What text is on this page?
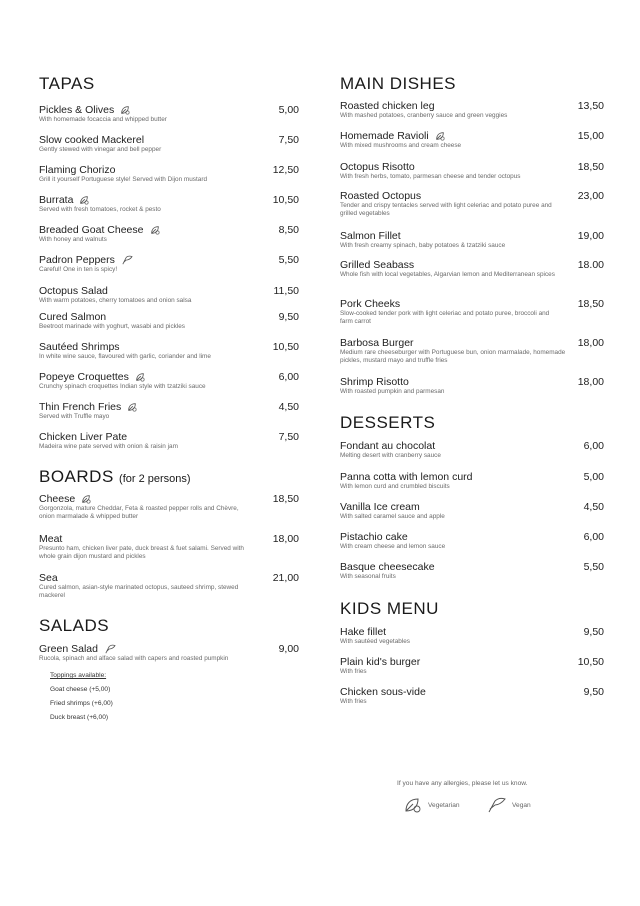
TAPAS
Pickles & Olives
With homemade focaccia and whipped butter
5,00
Slow cooked Mackerel
Gently stewed with vinegar and bell pepper
7,50
Flaming Chorizo
Grill it yourself Portuguese style! Served with Dijon mustard
12,50
Burrata
Served with fresh tomatoes, rocket & pesto
10,50
Breaded Goat Cheese
With honey and walnuts
8,50
Padron Peppers
Careful! One in ten is spicy!
5,50
Octopus Salad
With warm potatoes, cherry tomatoes and onion salsa
11,50
Cured Salmon
Beetroot marinade with yoghurt, wasabi and pickles
9,50
Sautéed Shrimps
In white wine sauce, flavoured with garlic, coriander and lime
10,50
Popeye Croquettes
Crunchy spinach croquettes Indian style with tzatziki sauce
6,00
Thin French Fries
Served with Truffle mayo
4,50
Chicken Liver Pate
Madeira wine pate served with onion & raisin jam
7,50
BOARDS (for 2 persons)
Cheese
Gorgonzola, mature Cheddar, Feta & roasted pepper rolls and Chèvre, onion marmalade & whipped butter
18,50
Meat
Presunto ham, chicken liver pate, duck breast & fuet salami. Served with whole grain dijon mustard and pickles
18,00
Sea
Cured salmon, asian-style marinated octopus, sauteed shrimp, stewed mackerel
21,00
SALADS
Green Salad
Rucola, spinach and alface salad with capers and roasted pumpkin
9,00
Toppings available:
Goat cheese (+5,00)
Fried shrimps (+6,00)
Duck breast (+6,00)
MAIN DISHES
Roasted chicken leg
With mashed potatoes, cranberry sauce and green veggies
13,50
Homemade Ravioli
With mixed mushrooms and cream cheese
15,00
Octopus Risotto
With fresh herbs, tomato, parmesan cheese and tender octopus
18,50
Roasted Octopus
Tender and crispy tentacles served with light celeriac and potato puree and grilled vegetables
23,00
Salmon Fillet
With fresh creamy spinach, baby potatoes & tzatziki sauce
19,00
Grilled Seabass
Whole fish with local vegetables, Algarvian lemon and Mediterranean spices
18.00
Pork Cheeks
Slow-cooked tender pork with light celeriac and potato puree, broccoli and farm carrot
18,50
Barbosa Burger
Medium rare cheeseburger with Portuguese bun, onion marmalade, homemade pickles, mustard mayo and truffle fries
18,00
Shrimp Risotto
With roasted pumpkin and parmesan
18,00
DESSERTS
Fondant au chocolat
Melting desert with cranberry sauce
6,00
Panna cotta with lemon curd
With lemon curd and crumbled biscuits
5,00
Vanilla Ice cream
With salted caramel sauce and apple
4,50
Pistachio cake
With cream cheese and lemon sauce
6,00
Basque cheesecake
With seasonal fruits
5,50
KIDS MENU
Hake fillet
With sautéed vegetables
9,50
Plain kid's burger
With fries
10,50
Chicken sous-vide
With fries
9,50
If you have any allergies, please let us know.
Vegetarian	Vegan
